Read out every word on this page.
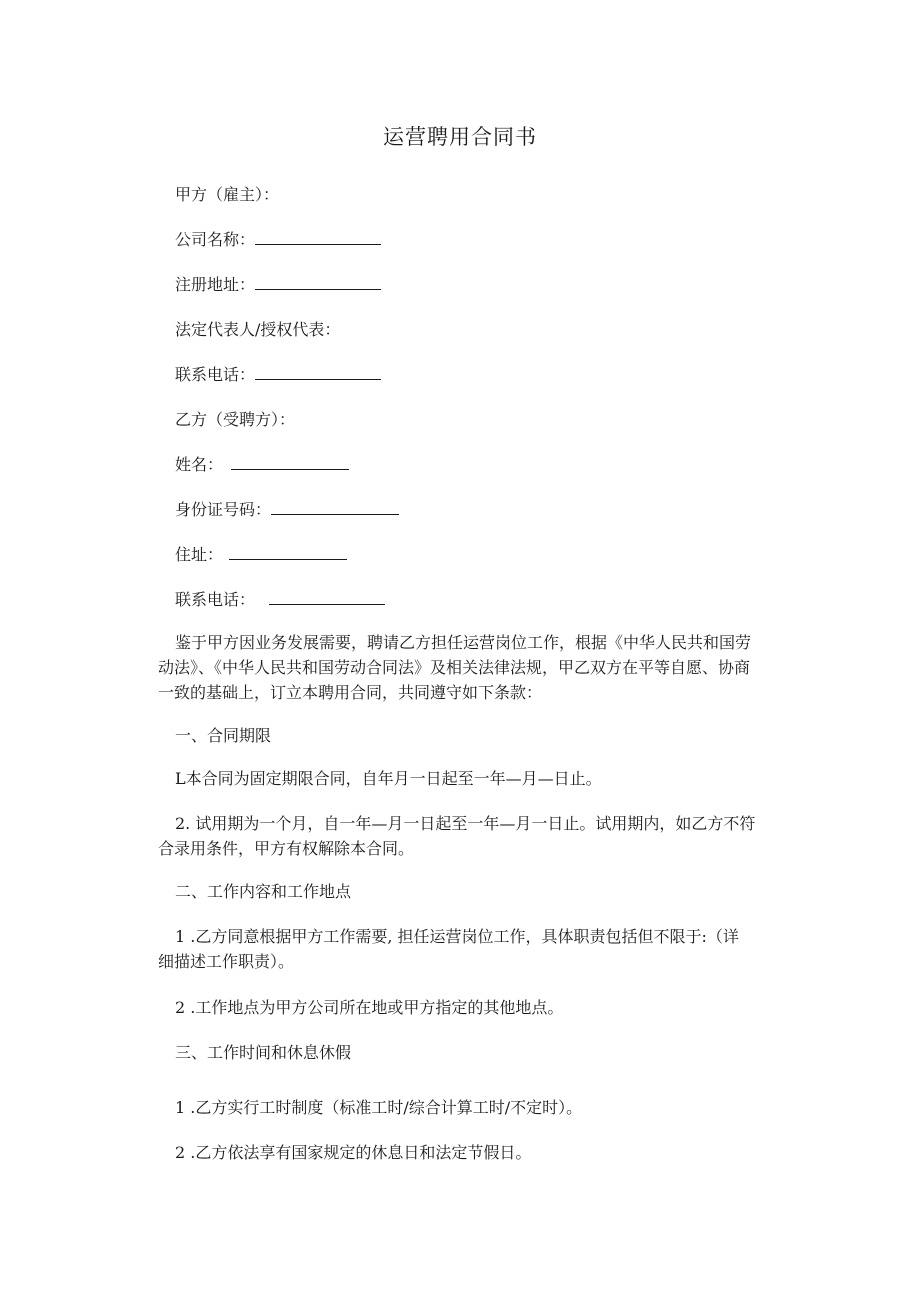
运营聘用合同书
甲方（雇主）：
公司名称：
注册地址：
法定代表人/授权代表：
联系电话：
乙方（受聘方）：
姓名：
身份证号码：
住址：
联系电话：
鉴于甲方因业务发展需要，聘请乙方担任运营岗位工作，根据《中华人民共和国劳
动法》、《中华人民共和国劳动合同法》及相关法律法规，甲乙双方在平等自愿、协商
一致的基础上，订立本聘用合同，共同遵守如下条款：
一、合同期限
L本合同为固定期限合同，自年月一日起至一年—月—日止。
2. 试用期为一个月，自一年—月一日起至一年—月一日止。试用期内，如乙方不符
合录用条件，甲方有权解除本合同。
二、工作内容和工作地点
1 .乙方同意根据甲方工作需要, 担任运营岗位工作，具体职责包括但不限于:（详
细描述工作职责）。
2 .工作地点为甲方公司所在地或甲方指定的其他地点。
三、工作时间和休息休假
1 .乙方实行工时制度（标准工时/综合计算工时/不定时）。
2 .乙方依法享有国家规定的休息日和法定节假日。
